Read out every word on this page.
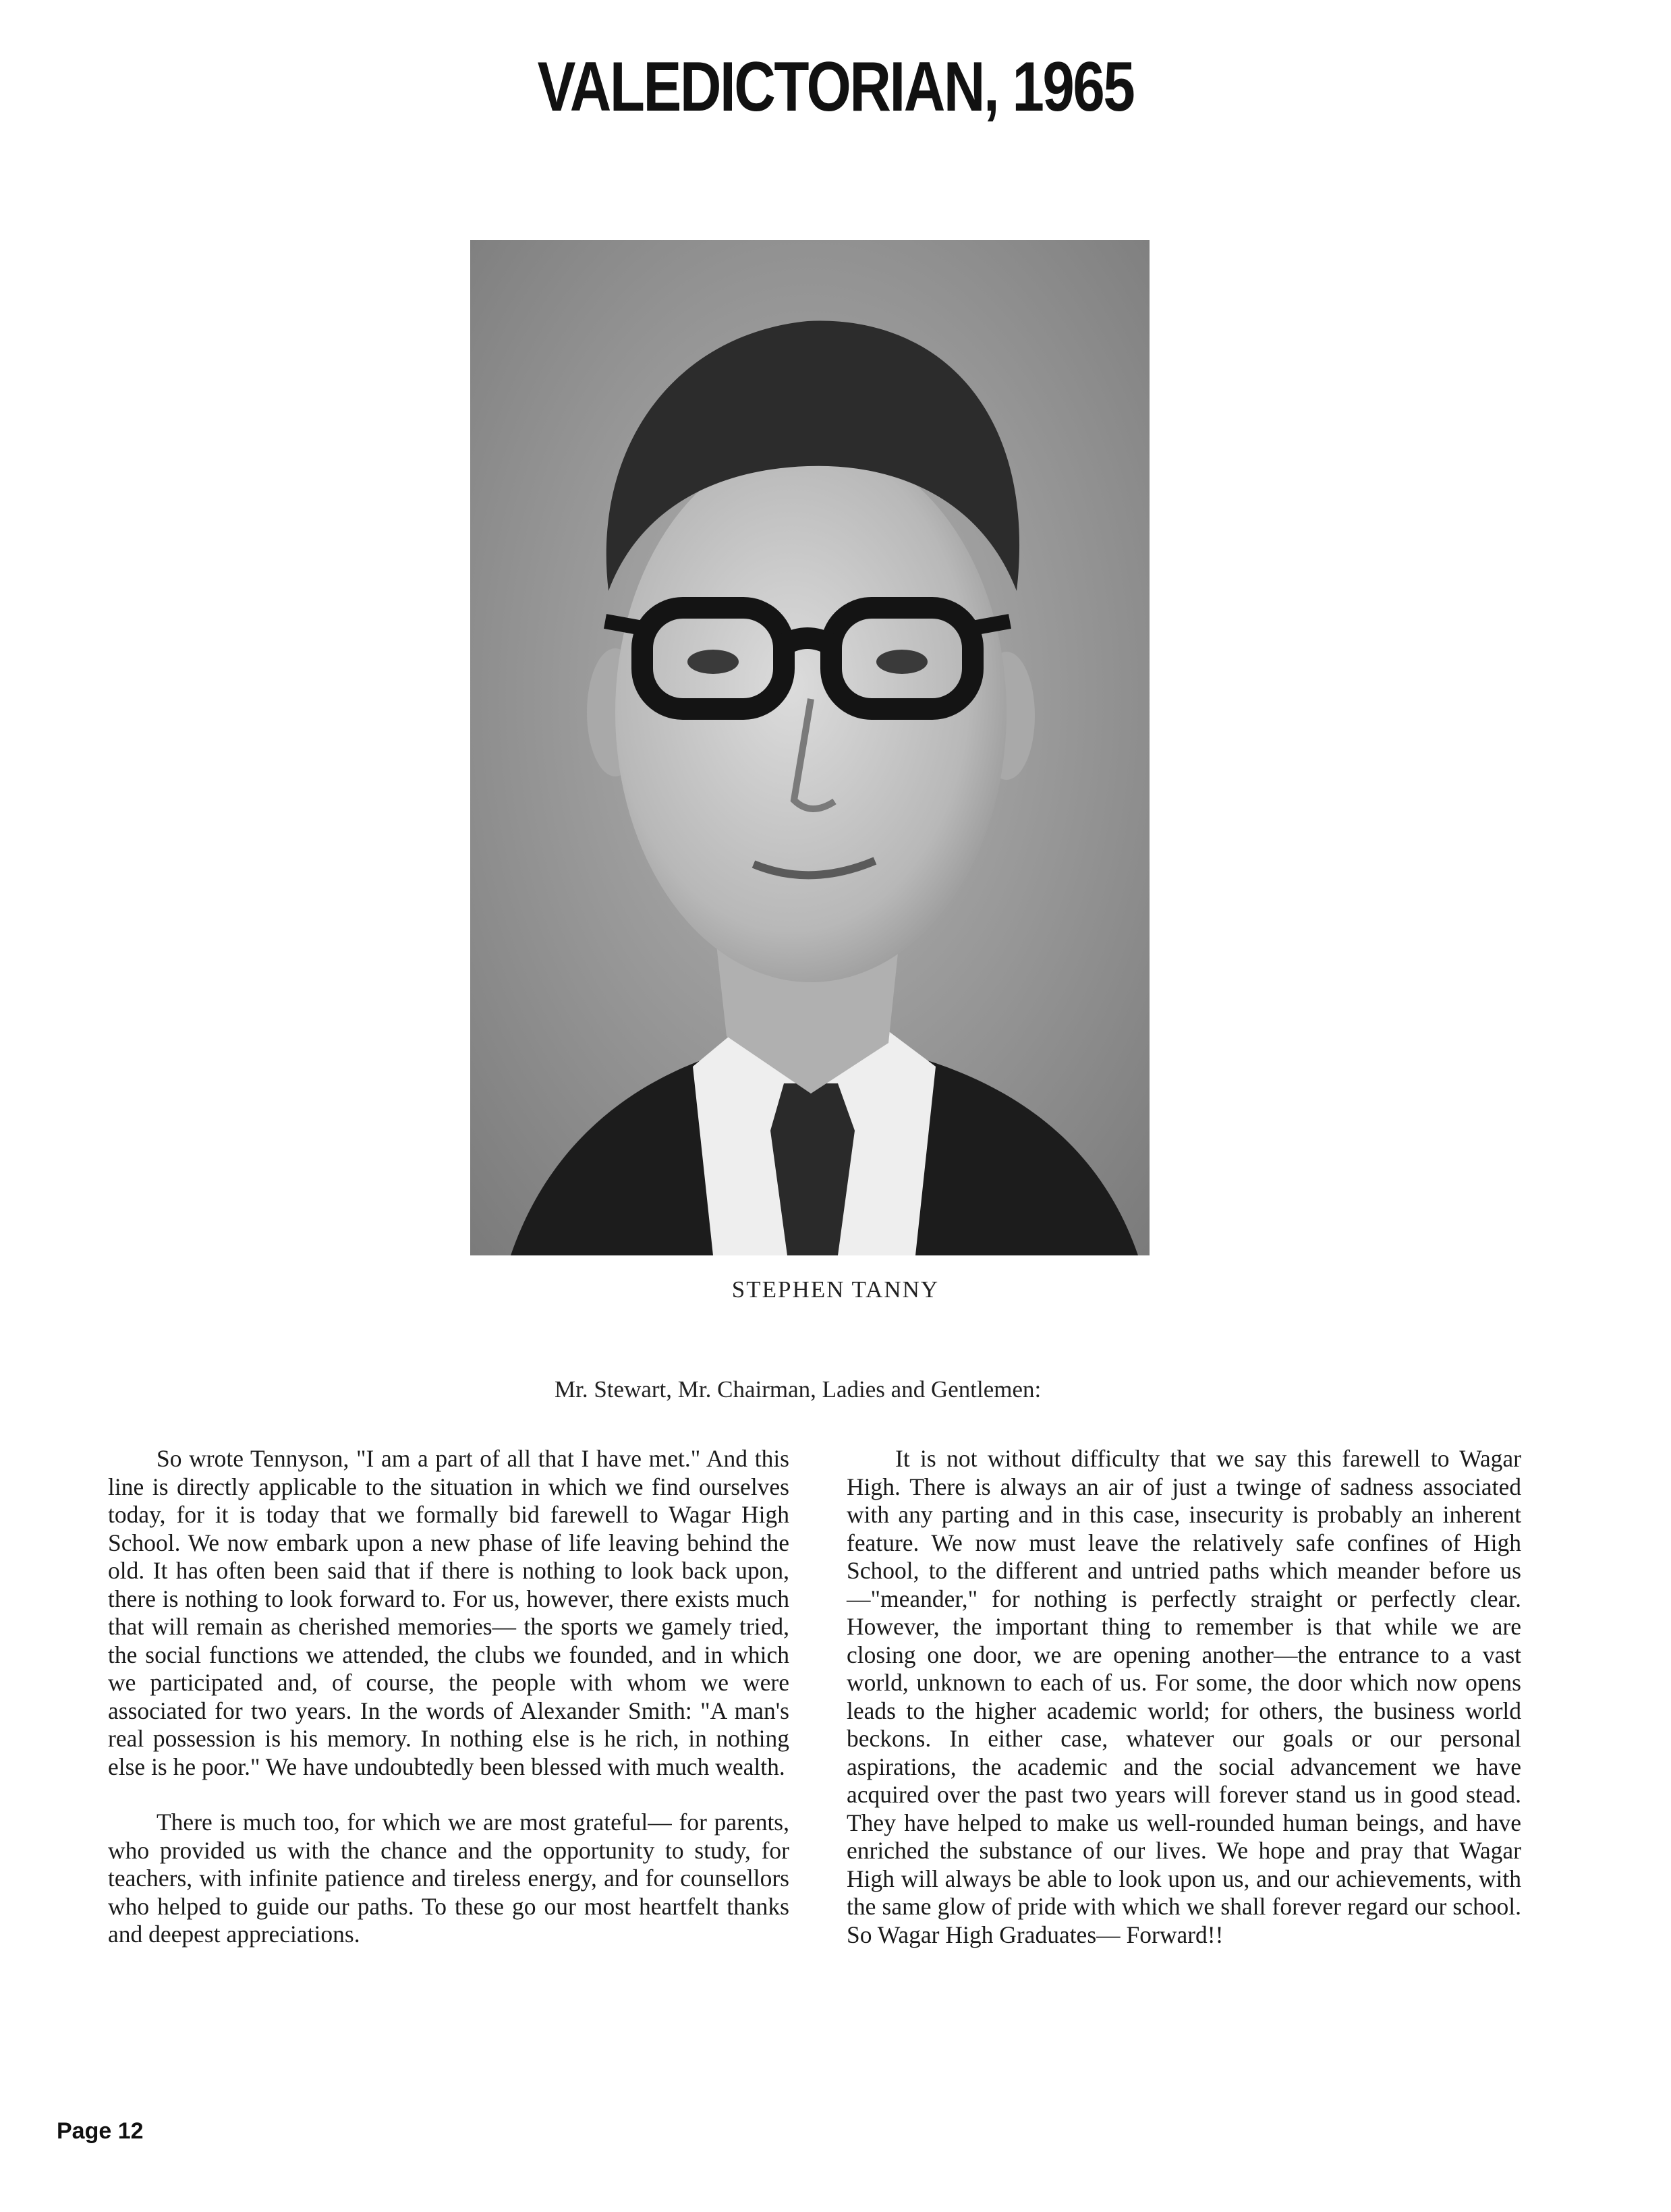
VALEDICTORIAN, 1965
STEPHEN TANNY
Mr. Stewart, Mr. Chairman, Ladies and Gentlemen:

So wrote Tennyson, "I am a part of all that I have met." And this line is directly applicable to the situation in which we find ourselves today, for it is today that we formally bid farewell to Wagar High School. We now embark upon a new phase of life leaving behind the old. It has often been said that if there is nothing to look back upon, there is nothing to look forward to. For us, however, there exists much that will remain as cherished memories— the sports we gamely tried, the social functions we attended, the clubs we founded, and in which we participated and, of course, the people with whom we were associated for two years. In the words of Alexander Smith: "A man's real possession is his memory. In nothing else is he rich, in nothing else is he poor." We have undoubtedly been blessed with much wealth.

There is much too, for which we are most grateful— for parents, who provided us with the chance and the opportunity to study, for teachers, with infinite patience and tireless energy, and for counsellors who helped to guide our paths. To these go our most heartfelt thanks and deepest appreciations.

It is not without difficulty that we say this farewell to Wagar High. There is always an air of just a twinge of sadness associated with any parting and in this case, insecurity is probably an inherent feature. We now must leave the relatively safe confines of High School, to the different and untried paths which meander before us—"meander," for nothing is perfectly straight or perfectly clear. However, the important thing to remember is that while we are closing one door, we are opening another—the entrance to a vast world, unknown to each of us. For some, the door which now opens leads to the higher academic world; for others, the business world beckons. In either case, whatever our goals or our personal aspirations, the academic and the social advancement we have acquired over the past two years will forever stand us in good stead. They have helped to make us well-rounded human beings, and have enriched the substance of our lives. We hope and pray that Wagar High will always be able to look upon us, and our achievements, with the same glow of pride with which we shall forever regard our school. So Wagar High Graduates— Forward!!

Page 12
